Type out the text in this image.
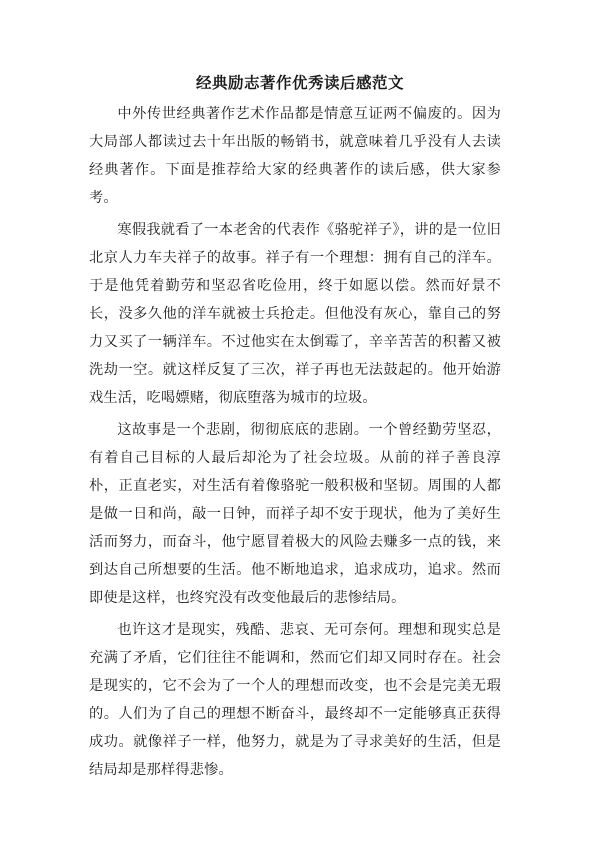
经典励志著作优秀读后感范文

中外传世经典著作艺术作品都是情意互证两不偏废的。因为大局部人都读过去十年出版的畅销书，就意味着几乎没有人去读经典著作。下面是推荐给大家的经典著作的读后感，供大家参考。

寒假我就看了一本老舍的代表作《骆驼祥子》，讲的是一位旧北京人力车夫祥子的故事。祥子有一个理想：拥有自己的洋车。于是他凭着勤劳和坚忍省吃俭用，终于如愿以偿。然而好景不长，没多久他的洋车就被士兵抢走。但他没有灰心，靠自己的努力又买了一辆洋车。不过他实在太倒霉了，辛辛苦苦的积蓄又被洗劫一空。就这样反复了三次，祥子再也无法鼓起的。他开始游戏生活，吃喝嫖赌，彻底堕落为城市的垃圾。

这故事是一个悲剧，彻彻底底的悲剧。一个曾经勤劳坚忍，有着自己目标的人最后却沦为了社会垃圾。从前的祥子善良淳朴，正直老实，对生活有着像骆驼一般积极和坚韧。周围的人都是做一日和尚，敲一日钟，而祥子却不安于现状，他为了美好生活而努力，而奋斗，他宁愿冒着极大的风险去赚多一点的钱，来到达自己所想要的生活。他不断地追求，追求成功，追求。然而即使是这样，也终究没有改变他最后的悲惨结局。

也许这才是现实，残酷、悲哀、无可奈何。理想和现实总是充满了矛盾，它们往往不能调和，然而它们却又同时存在。社会是现实的，它不会为了一个人的理想而改变，也不会是完美无瑕的。人们为了自己的理想不断奋斗，最终却不一定能够真正获得成功。就像祥子一样，他努力，就是为了寻求美好的生活，但是结局却是那样得悲惨。
